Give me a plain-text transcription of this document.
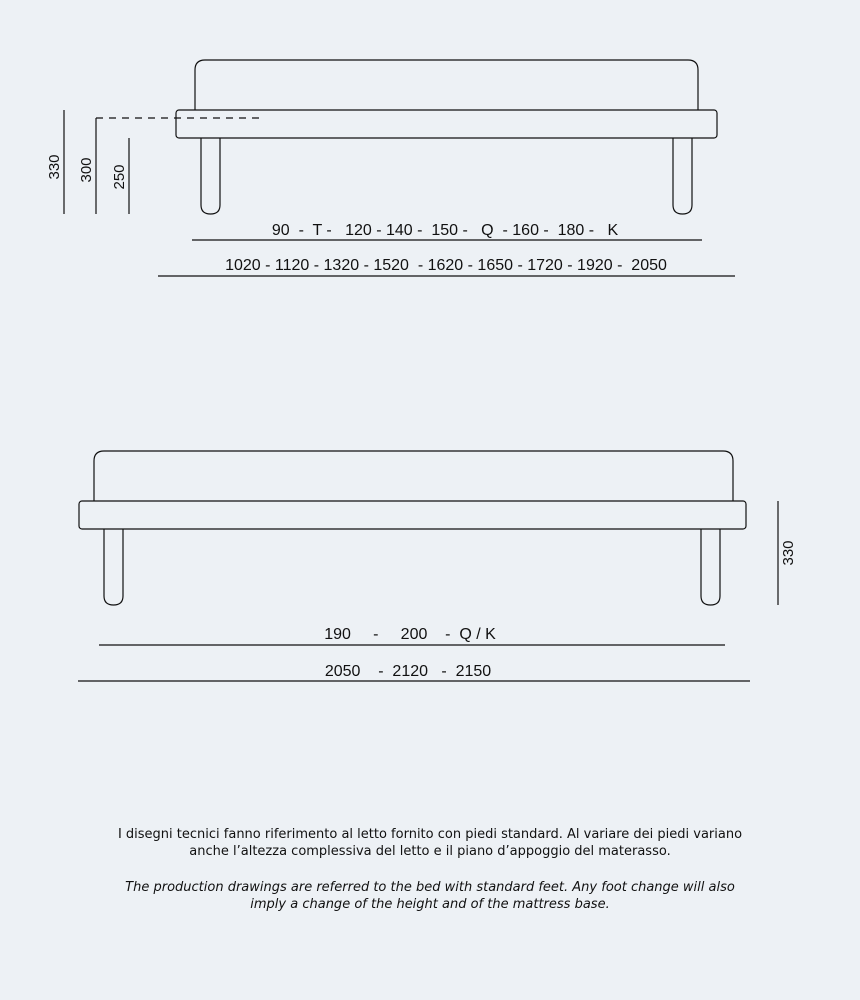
330 300 250
90  -  T -   120 - 140 -  150 -   Q  - 160 -  180 -   K
1020 - 1120 - 1320 - 1520  - 1620 - 1650 - 1720 - 1920 -  2050
330
190     -     200    -  Q / K
2050    -  2120   -  2150

I disegni tecnici fanno riferimento al letto fornito con piedi standard. Al variare dei piedi variano
anche l’altezza complessiva del letto e il piano d’appoggio del materasso.

The production drawings are referred to the bed with standard feet. Any foot change will also
imply a change of the height and of the mattress base.
